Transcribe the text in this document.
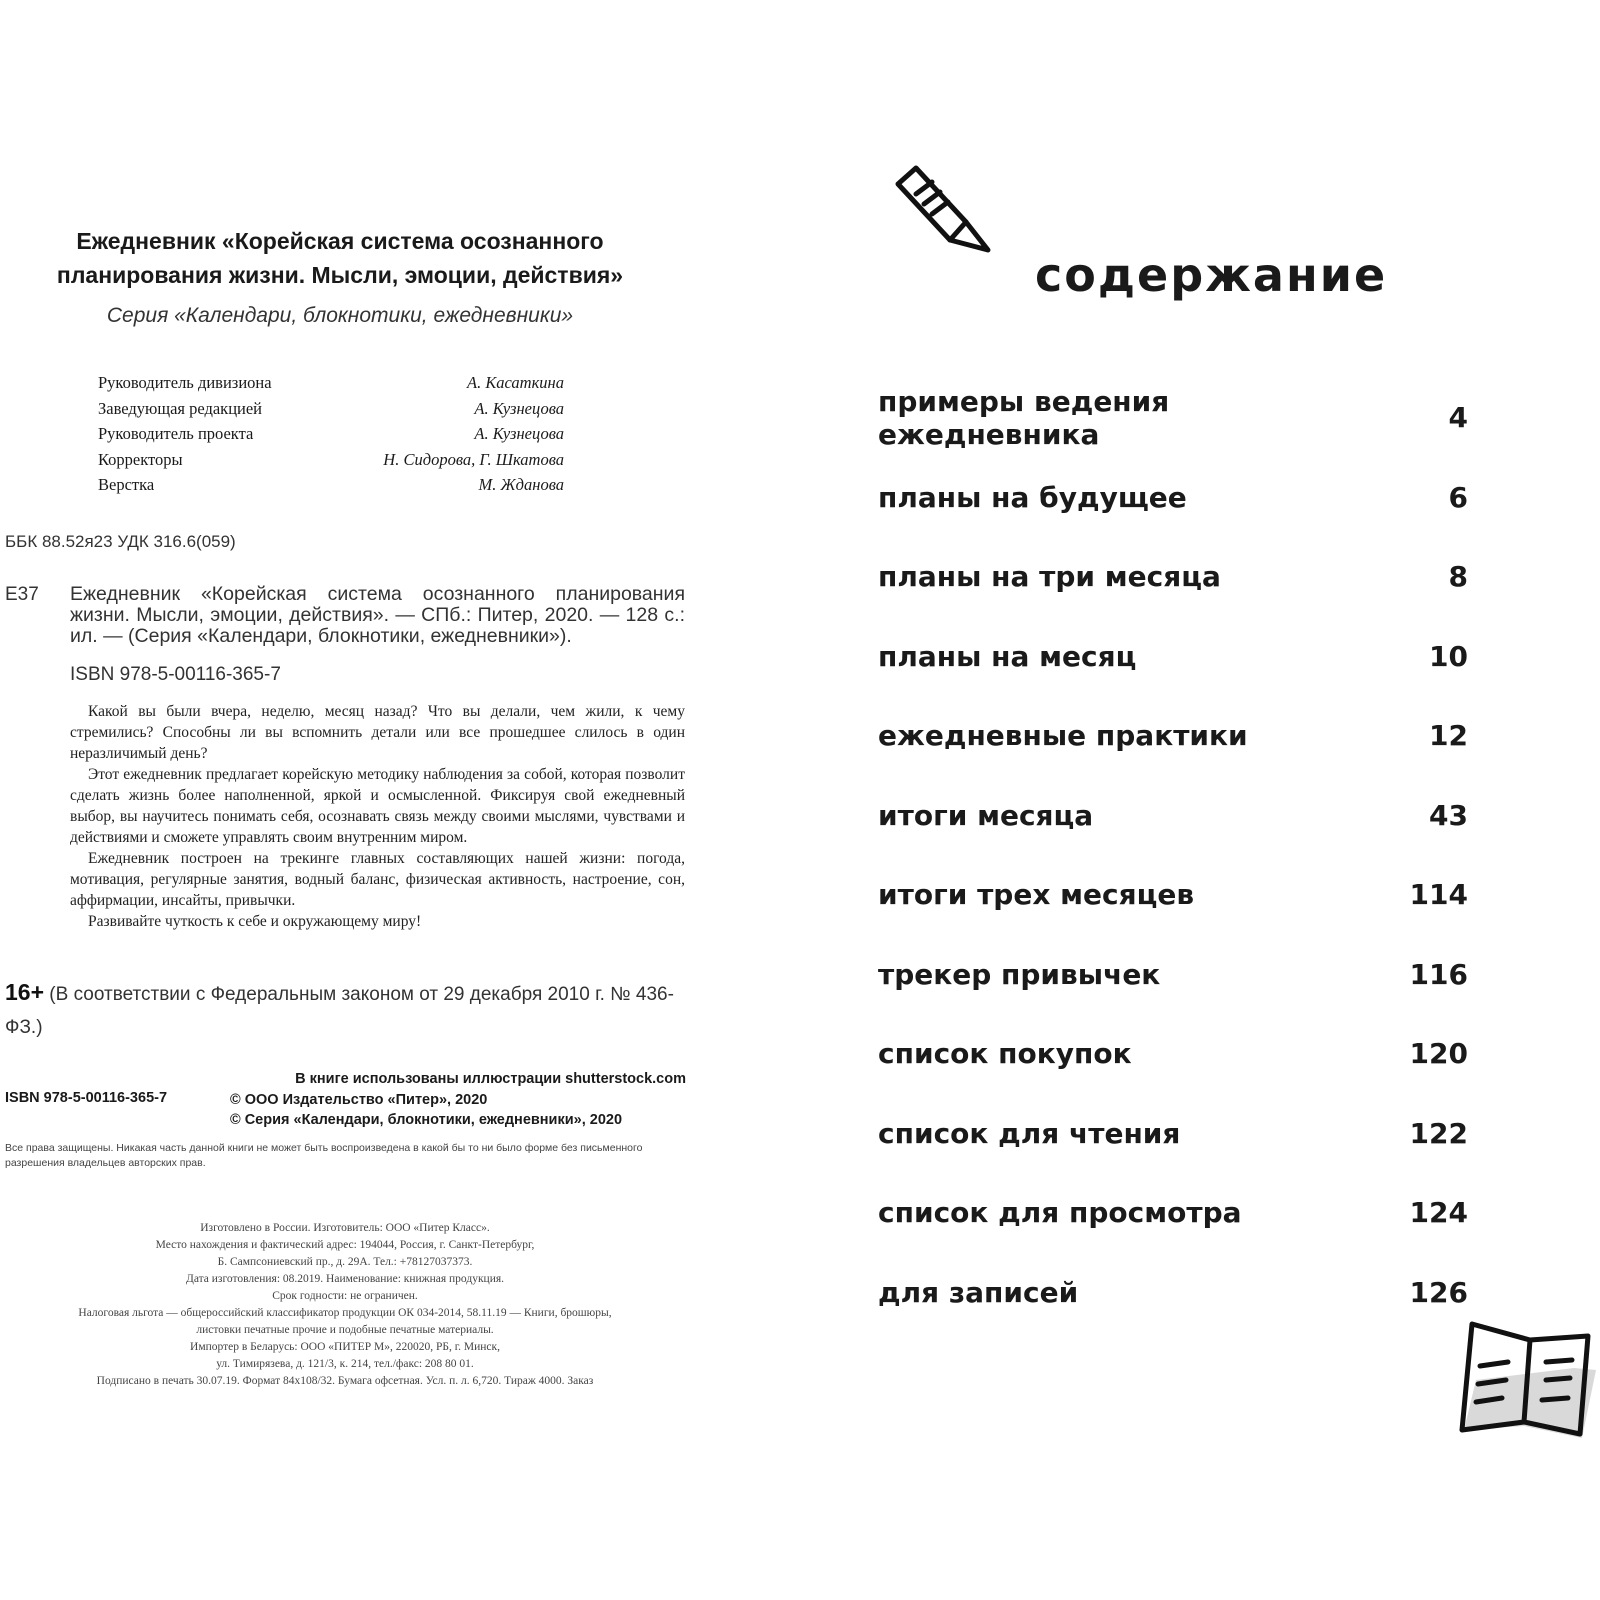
Ежедневник «Корейская система осознанного
планирования жизни. Мысли, эмоции, действия»
Серия «Календари, блокнотики, ежедневники»
Руководитель дивизиона	А. Касаткина
Заведующая редакцией	А. Кузнецова
Руководитель проекта	А. Кузнецова
Корректоры	Н. Сидорова, Г. Шкатова
Верстка	М. Жданова
ББК 88.52я23 УДК 316.6(059)
Е37 Ежедневник «Корейская система осознанного планирования жизни. Мысли, эмоции, действия». — СПб.: Питер, 2020. — 128 с.: ил. — (Серия «Календари, блокнотики, ежедневники»).
ISBN 978-5-00116-365-7

Какой вы были вчера, неделю, месяц назад? Что вы делали, чем жили, к чему стремились? Способны ли вы вспомнить детали или все прошедшее слилось в один неразличимый день?

Этот ежедневник предлагает корейскую методику наблюдения за собой, которая позволит сделать жизнь более наполненной, яркой и осмысленной. Фиксируя свой ежедневный выбор, вы научитесь понимать себя, осознавать связь между своими мыслями, чувствами и действиями и сможете управлять своим внутренним миром.

Ежедневник построен на трекинге главных составляющих нашей жизни: погода, мотивация, регулярные занятия, водный баланс, физическая активность, настроение, сон, аффирмации, инсайты, привычки.

Развивайте чуткость к себе и окружающему миру!

16+ (В соответствии с Федеральным законом от 29 декабря 2010 г. № 436-ФЗ.)
В книге использованы иллюстрации shutterstock.com
ISBN 978-5-00116-365-7	© ООО Издательство «Питер», 2020
© Серия «Календари, блокнотики, ежедневники», 2020
Все права защищены. Никакая часть данной книги не может быть воспроизведена в какой бы то ни было форме без письменного разрешения владельцев авторских прав.
Изготовлено в России. Изготовитель: ООО «Питер Класс».
Место нахождения и фактический адрес: 194044, Россия, г. Санкт-Петербург,
Б. Сампсониевский пр., д. 29А. Тел.: +78127037373.
Дата изготовления: 08.2019. Наименование: книжная продукция.
Срок годности: не ограничен.
Налоговая льгота — общероссийский классификатор продукции ОК 034-2014, 58.11.19 — Книги, брошюры,
листовки печатные прочие и подобные печатные материалы.
Импортер в Беларусь: ООО «ПИТЕР М», 220020, РБ, г. Минск,
ул. Тимирязева, д. 121/3, к. 214, тел./факс: 208 80 01.
Подписано в печать 30.07.19. Формат 84х108/32. Бумага офсетная. Усл. п. л. 6,720. Тираж 4000. Заказ
содержание
примеры ведения ежедневника	4
планы на будущее	6
планы на три месяца	8
планы на месяц	10
ежедневные практики	12
итоги месяца	43
итоги трех месяцев	114
трекер привычек	116
список покупок	120
список для чтения	122
список для просмотра	124
для записей	126
